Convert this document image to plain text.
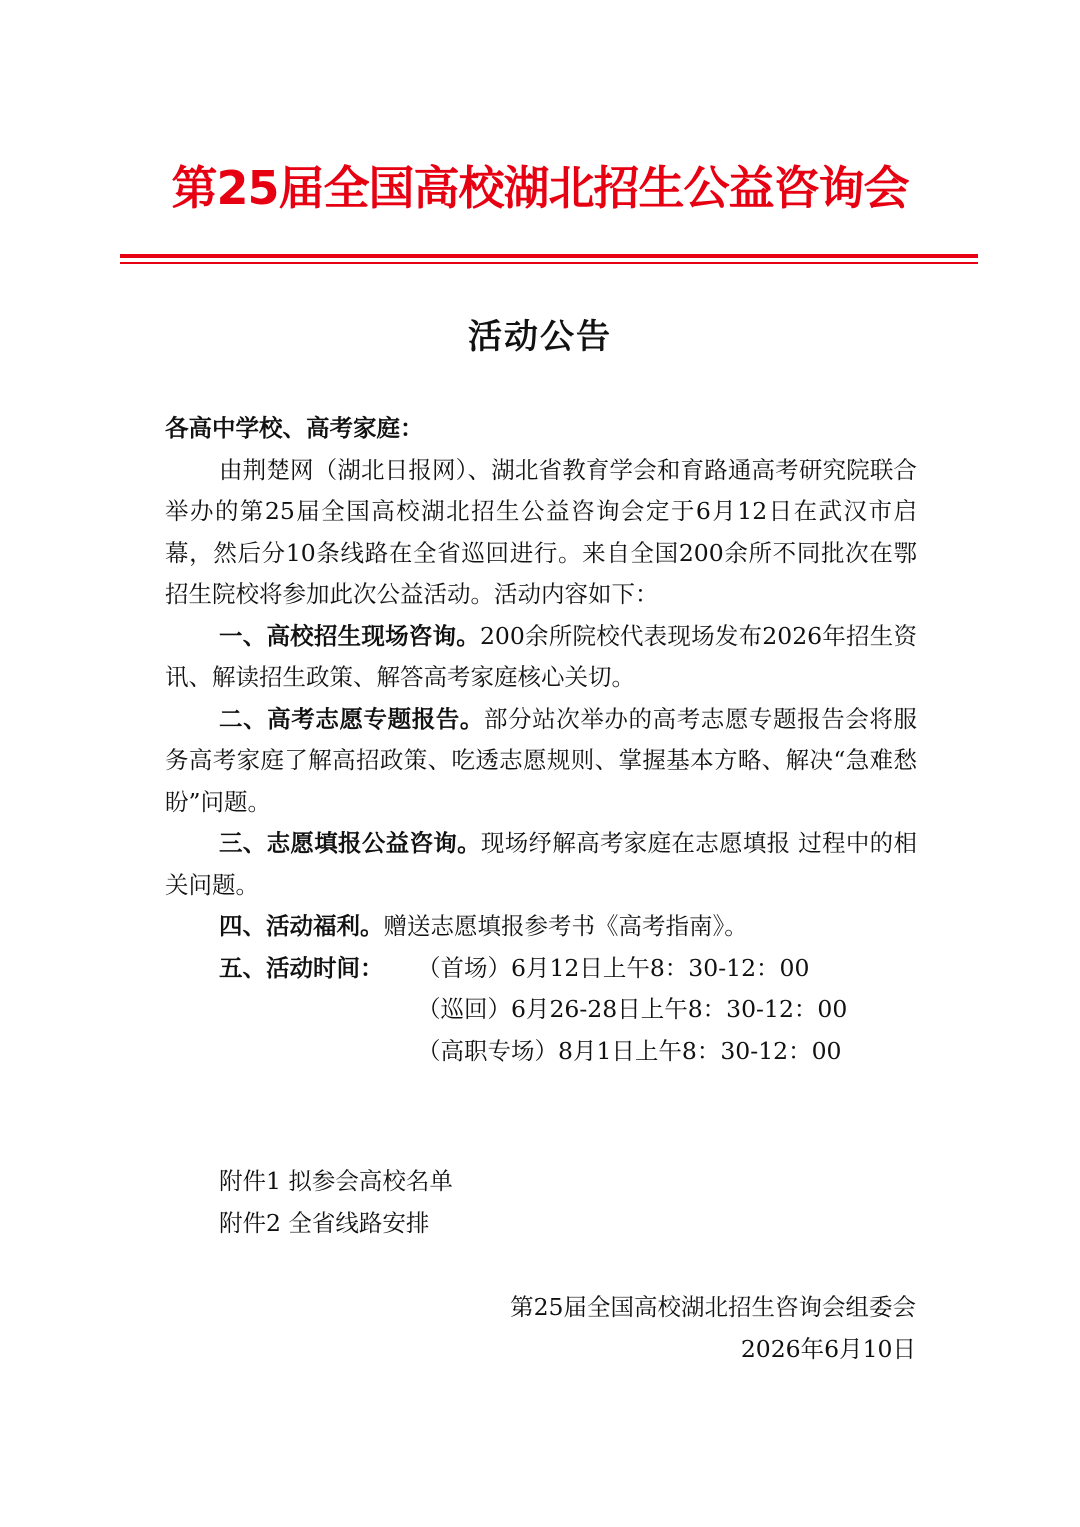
第25届全国高校湖北招生公益咨询会
活动公告

各高中学校、高考家庭：

由荆楚网（湖北日报网）、湖北省教育学会和育路通高考研究院联合举办的第25届全国高校湖北招生公益咨询会定于6月12日在武汉市启幕，然后分10条线路在全省巡回进行。来自全国200余所不同批次在鄂招生院校将参加此次公益活动。活动内容如下：

一、高校招生现场咨询。200余所院校代表现场发布2026年招生资讯、解读招生政策、解答高考家庭核心关切。

二、高考志愿专题报告。部分站次举办的高考志愿专题报告会将服务高考家庭了解高招政策、吃透志愿规则、掌握基本方略、解决“急难愁盼”问题。

三、志愿填报公益咨询。现场纾解高考家庭在志愿填报 过程中的相关问题。

四、活动福利。赠送志愿填报参考书《高考指南》。

五、活动时间： （首场）6月12日上午8：30-12：00
（巡回）6月26-28日上午8：30-12：00
（高职专场）8月1日上午8：30-12：00
附件1 拟参会高校名单
附件2 全省线路安排
第25届全国高校湖北招生咨询会组委会
2026年6月10日
